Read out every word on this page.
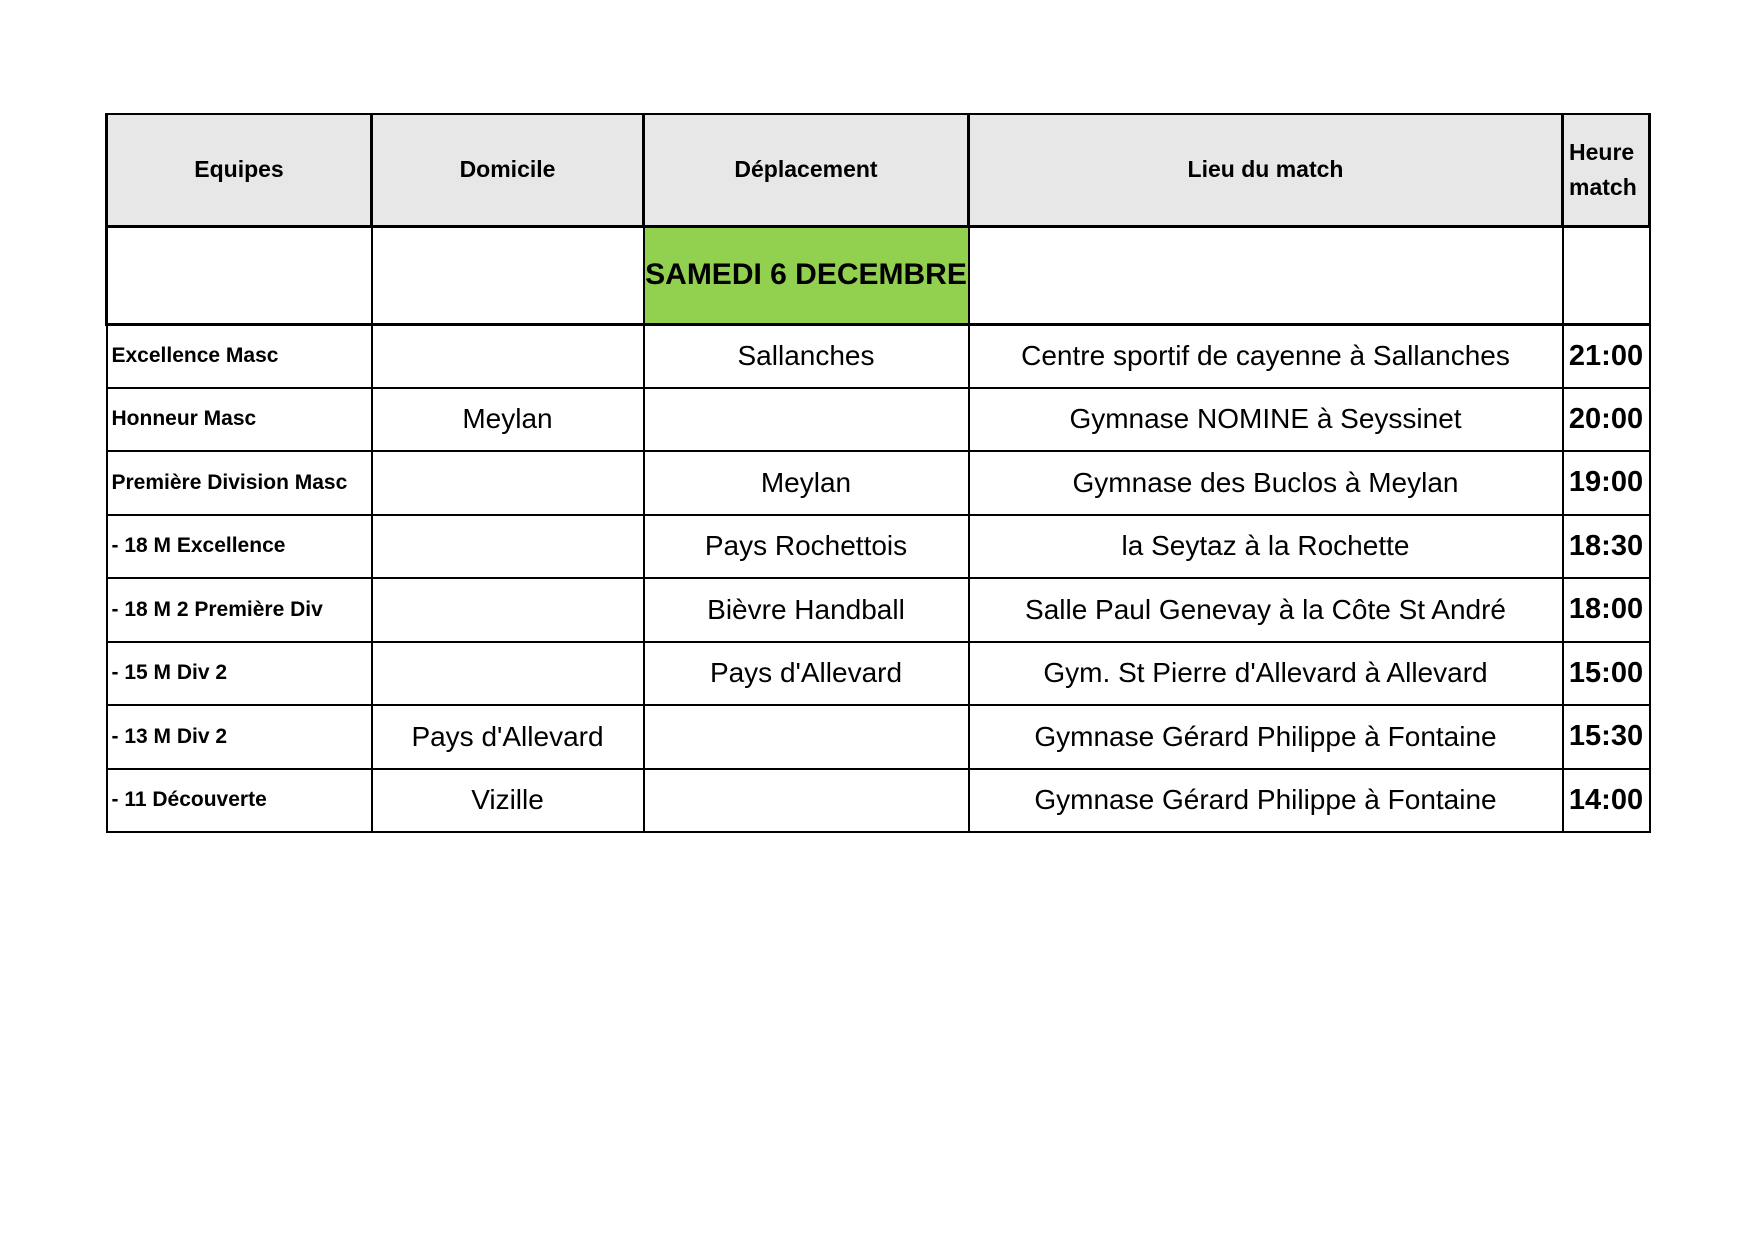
Equipes	Domicile	Déplacement	Lieu du match	Heure
match
		SAMEDI 6 DECEMBRE		
Excellence Masc		Sallanches	Centre sportif de cayenne à Sallanches	21:00
Honneur Masc	Meylan		Gymnase NOMINE à Seyssinet	20:00
Première Division Masc		Meylan	Gymnase des Buclos à Meylan	19:00
- 18 M Excellence		Pays Rochettois	la Seytaz à la Rochette	18:30
- 18 M 2 Première Div		Bièvre Handball	Salle Paul Genevay à la Côte St André	18:00
- 15 M Div 2		Pays d'Allevard	Gym. St Pierre d'Allevard à Allevard	15:00
- 13 M Div 2	Pays d'Allevard		Gymnase Gérard Philippe à Fontaine	15:30
- 11 Découverte	Vizille		Gymnase Gérard Philippe à Fontaine	14:00
